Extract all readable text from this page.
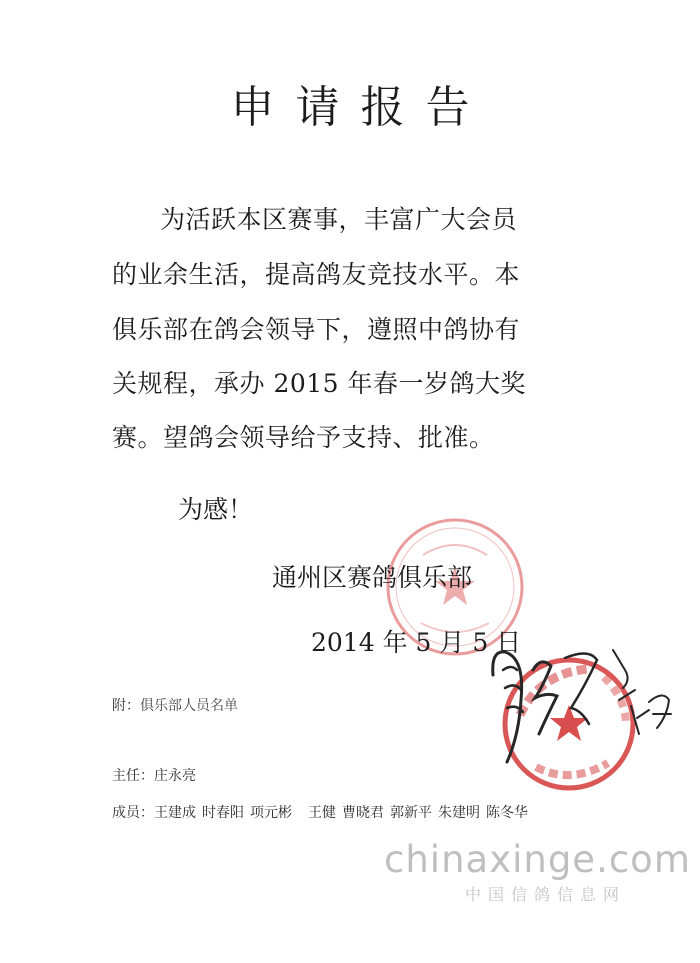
申请报告
为活跃本区赛事，丰富广大会员
的业余生活，提高鸽友竞技水平。本
俱乐部在鸽会领导下，遵照中鸽协有
关规程，承办 2015 年春一岁鸽大奖
赛。望鸽会领导给予支持、批准。
为感！
通州区赛鸽俱乐部
2014 年 5 月 5 日
附：俱乐部人员名单
主任：庄永亮
成员：王建成 时春阳 项元彬 王健 曹晓君 郭新平 朱建明 陈冬华
chinaxinge.com
中国信鸽信息网
